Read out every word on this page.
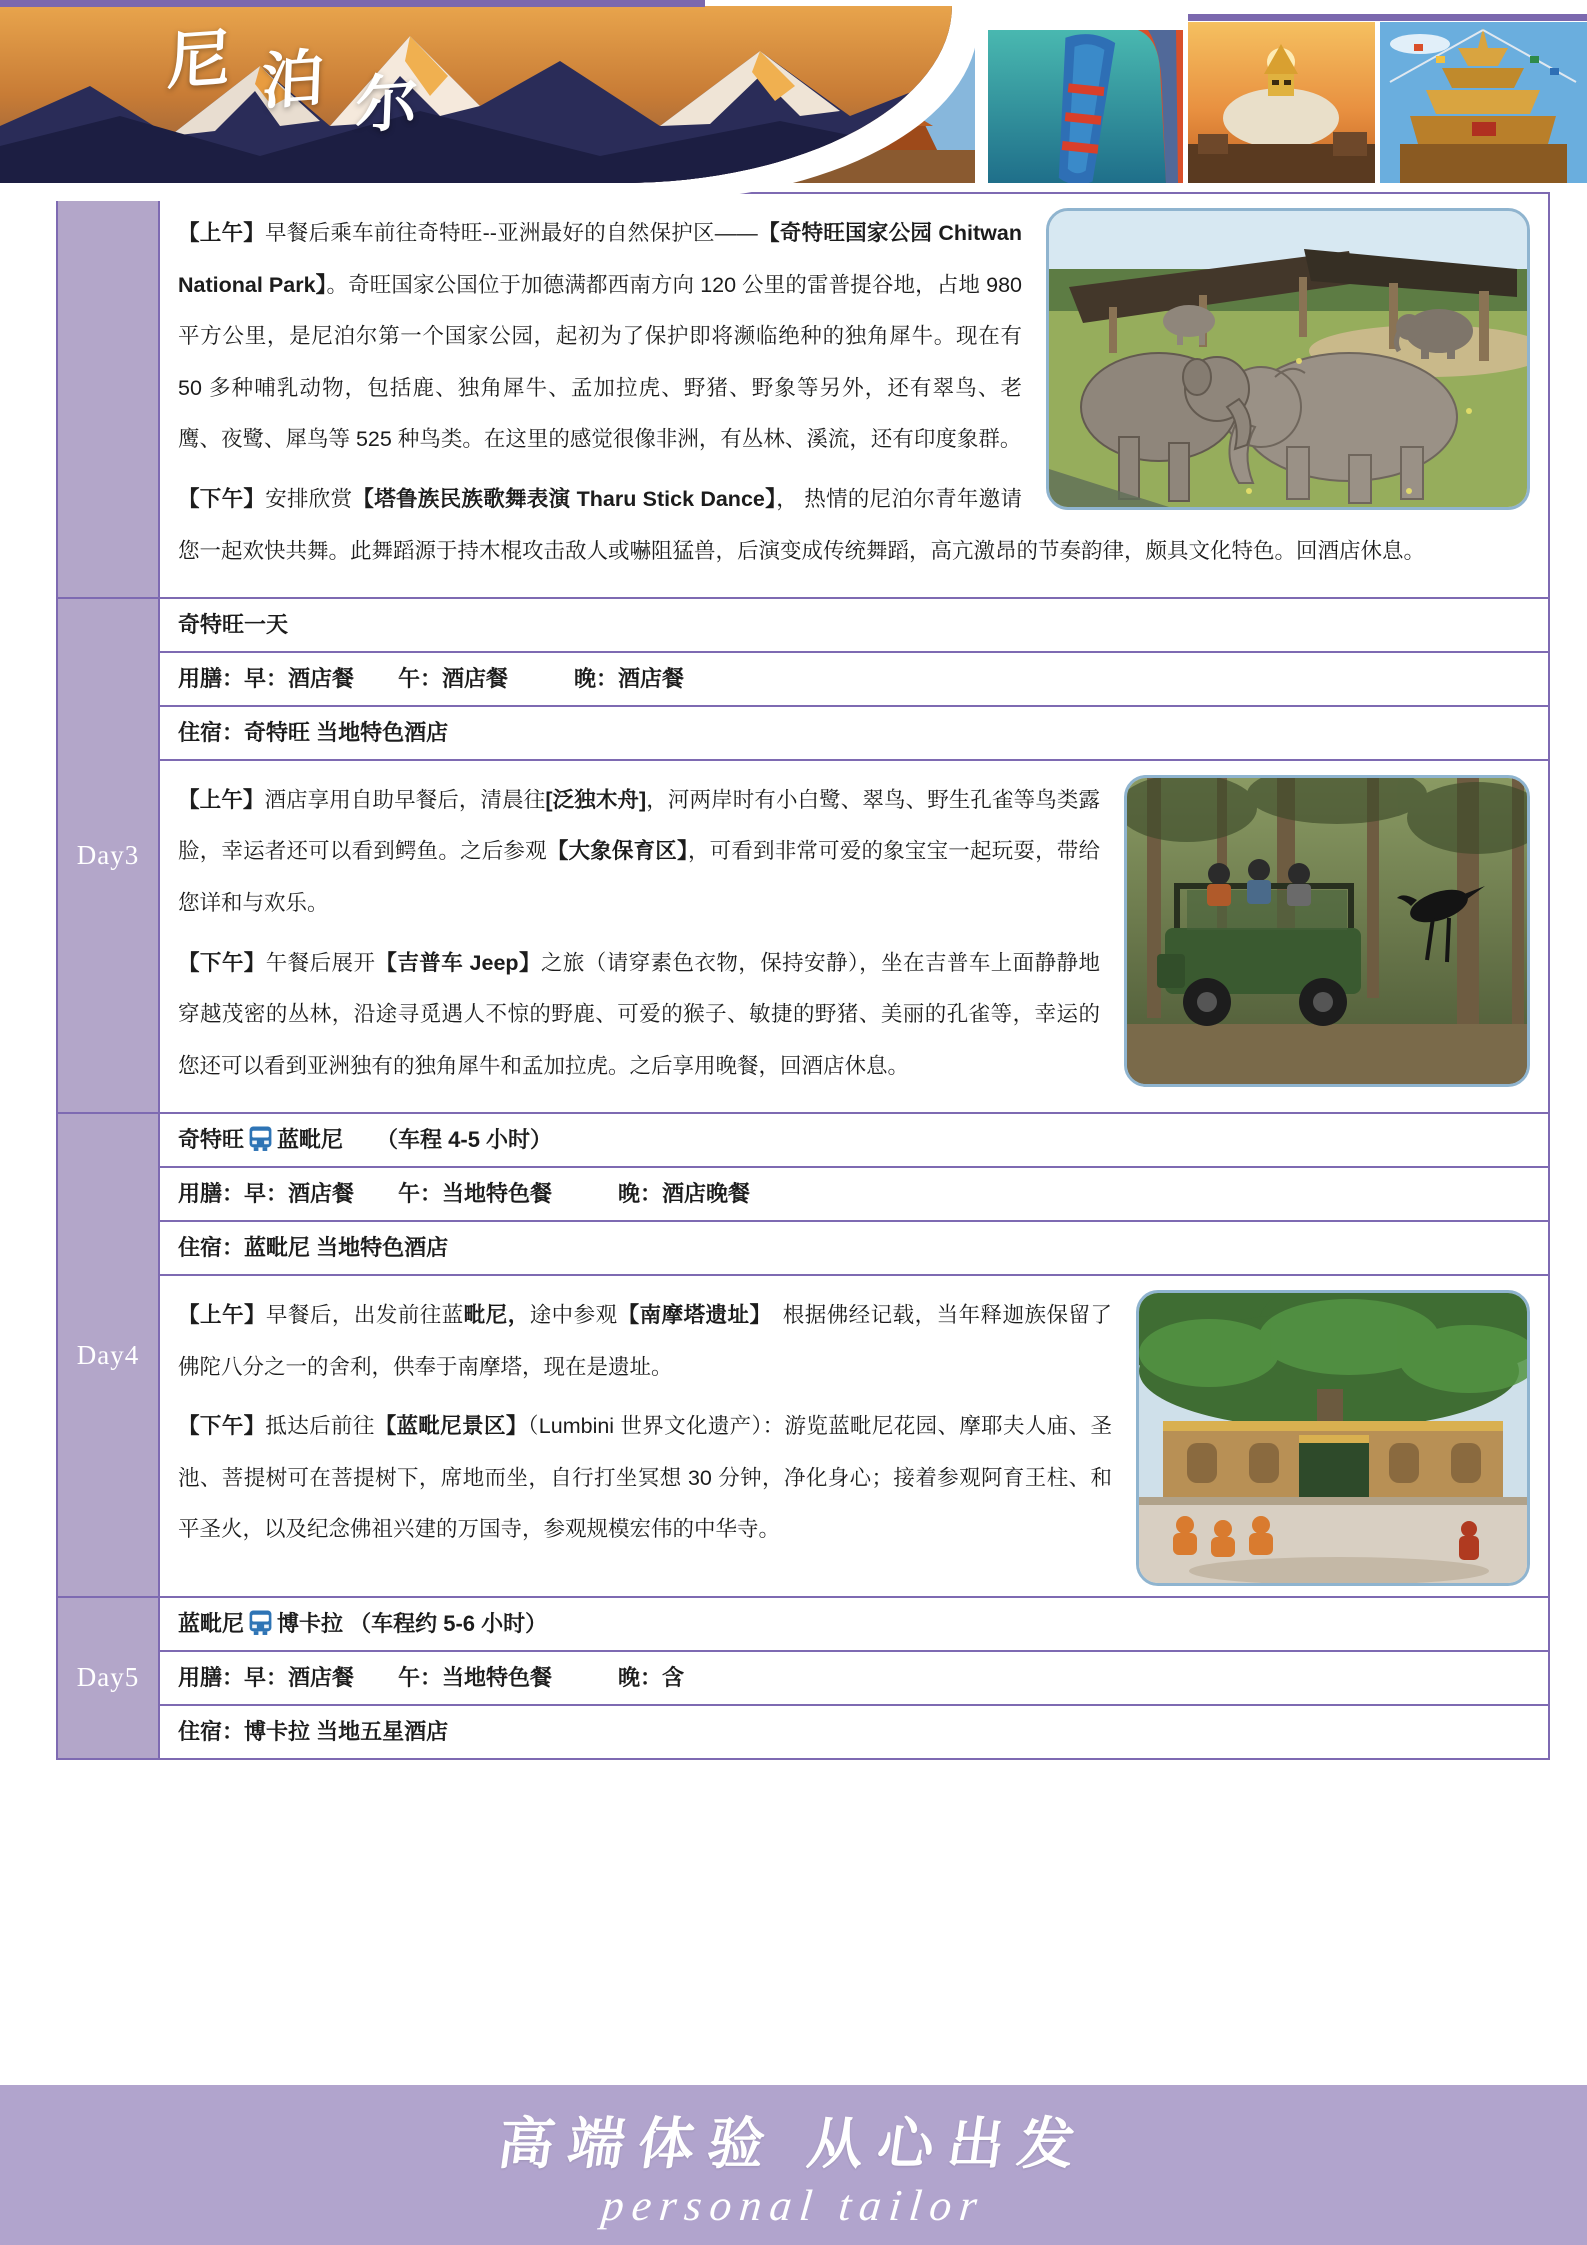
尼 泊 尔

【上午】早餐后乘车前往奇特旺--亚洲最好的自然保护区——【奇特旺国家公园 Chitwan National Park】。奇旺国家公国位于加德满都西南方向 120 公里的雷普提谷地，占地 980 平方公里，是尼泊尔第一个国家公园，起初为了保护即将濒临绝种的独角犀牛。现在有 50 多种哺乳动物，包括鹿、独角犀牛、孟加拉虎、野猪、野象等另外，还有翠鸟、老鹰、夜鹭、犀鸟等 525 种鸟类。在这里的感觉很像非洲，有丛林、溪流，还有印度象群。

【下午】安排欣赏【塔鲁族民族歌舞表演 Tharu Stick Dance】， 热情的尼泊尔青年邀请您一起欢快共舞。此舞蹈源于持木棍攻击敌人或嚇阻猛兽，后演变成传统舞蹈，高亢激昂的节奏韵律，颇具文化特色。回酒店休息。

Day3
奇特旺一天
用膳：早：酒店餐　　午：酒店餐　　　晚：酒店餐
住宿：奇特旺 当地特色酒店

【上午】酒店享用自助早餐后，清晨往[泛独木舟]，河两岸时有小白鹭、翠鸟、野生孔雀等鸟类露脸，幸运者还可以看到鳄鱼。之后参观【大象保育区】，可看到非常可爱的象宝宝一起玩耍，带给您详和与欢乐。

【下午】午餐后展开【吉普车 Jeep】之旅（请穿素色衣物，保持安静），坐在吉普车上面静静地穿越茂密的丛林，沿途寻觅遇人不惊的野鹿、可爱的猴子、敏捷的野猪、美丽的孔雀等，幸运的您还可以看到亚洲独有的独角犀牛和孟加拉虎。之后享用晚餐，回酒店休息。

Day4
奇特旺 蓝毗尼　　（车程 4-5 小时）
用膳：早：酒店餐　　午：当地特色餐　　　晚：酒店晚餐
住宿：蓝毗尼 当地特色酒店

【上午】早餐后，出发前往蓝毗尼，途中参观【南摩塔遗址】　根据佛经记载，当年释迦族保留了佛陀八分之一的舍利，供奉于南摩塔，现在是遗址。

【下午】抵达后前往【蓝毗尼景区】（Lumbini 世界文化遗产）：游览蓝毗尼花园、摩耶夫人庙、圣池、菩提树可在菩提树下，席地而坐，自行打坐冥想 30 分钟，净化身心；接着参观阿育王柱、和平圣火，以及纪念佛祖兴建的万国寺，参观规模宏伟的中华寺。

Day5
蓝毗尼 博卡拉 （车程约 5-6 小时）
用膳：早：酒店餐　　午：当地特色餐　　　晚：含
住宿：博卡拉 当地五星酒店
高端体验 从心出发
personal tailor
